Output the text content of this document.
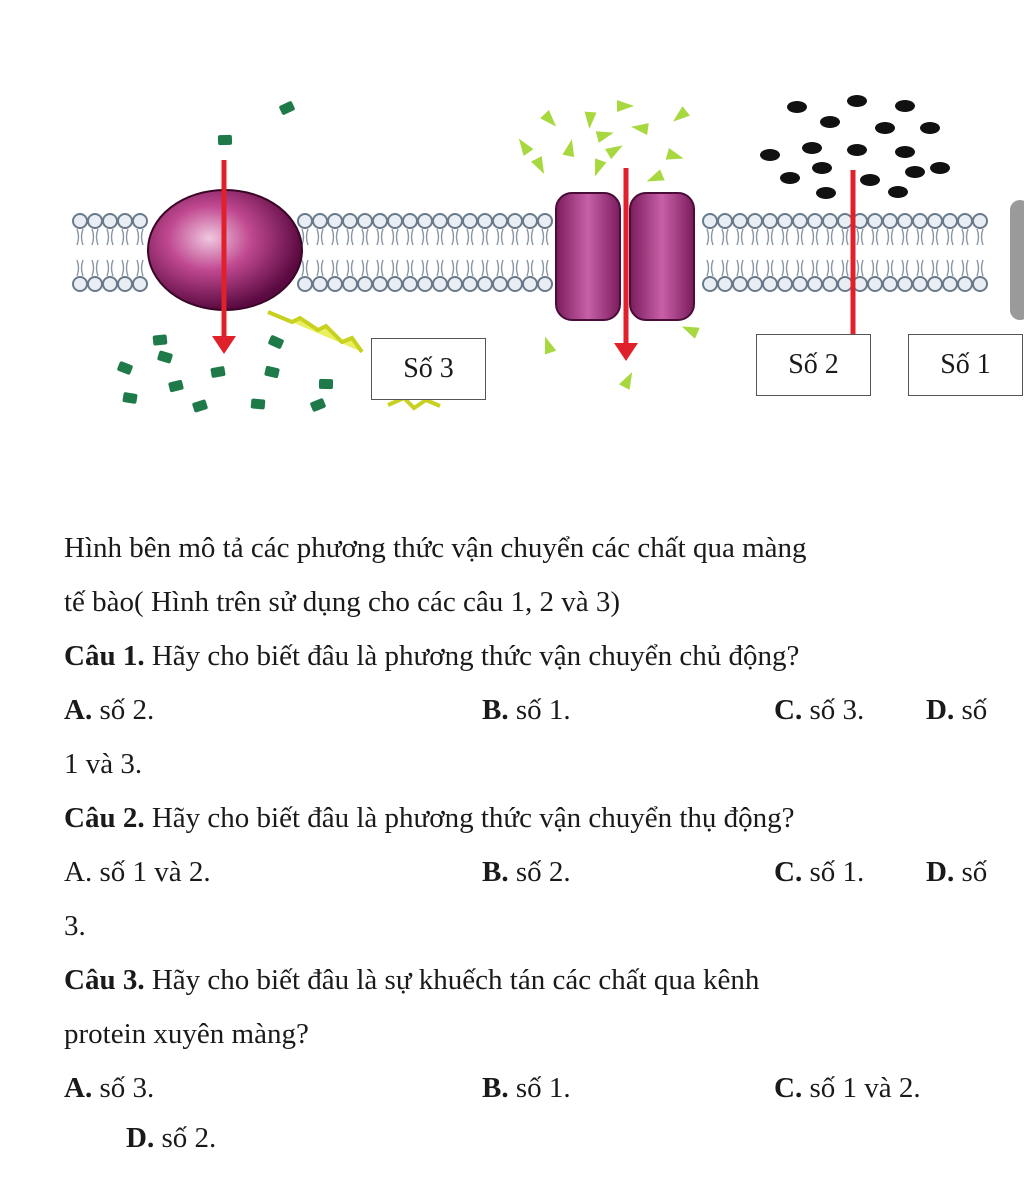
Số 3	Số 2	Số 1
Hình bên mô tả các phương thức vận chuyển các chất qua màng
tế bào( Hình trên sử dụng cho các câu 1, 2 và 3)
Câu 1. Hãy cho biết đâu là phương thức vận chuyển chủ động?
A. số 2.	B. số 1.	C. số 3. D. số
1 và 3.
Câu 2. Hãy cho biết đâu là phương thức vận chuyển thụ động?
A. số 1 và 2.	B. số 2.	C. số 1. D. số
3.
Câu 3. Hãy cho biết đâu là sự khuếch tán các chất qua kênh
protein xuyên màng?
A. số 3.	B. số 1.	C. số 1 và 2.
D. số 2.
